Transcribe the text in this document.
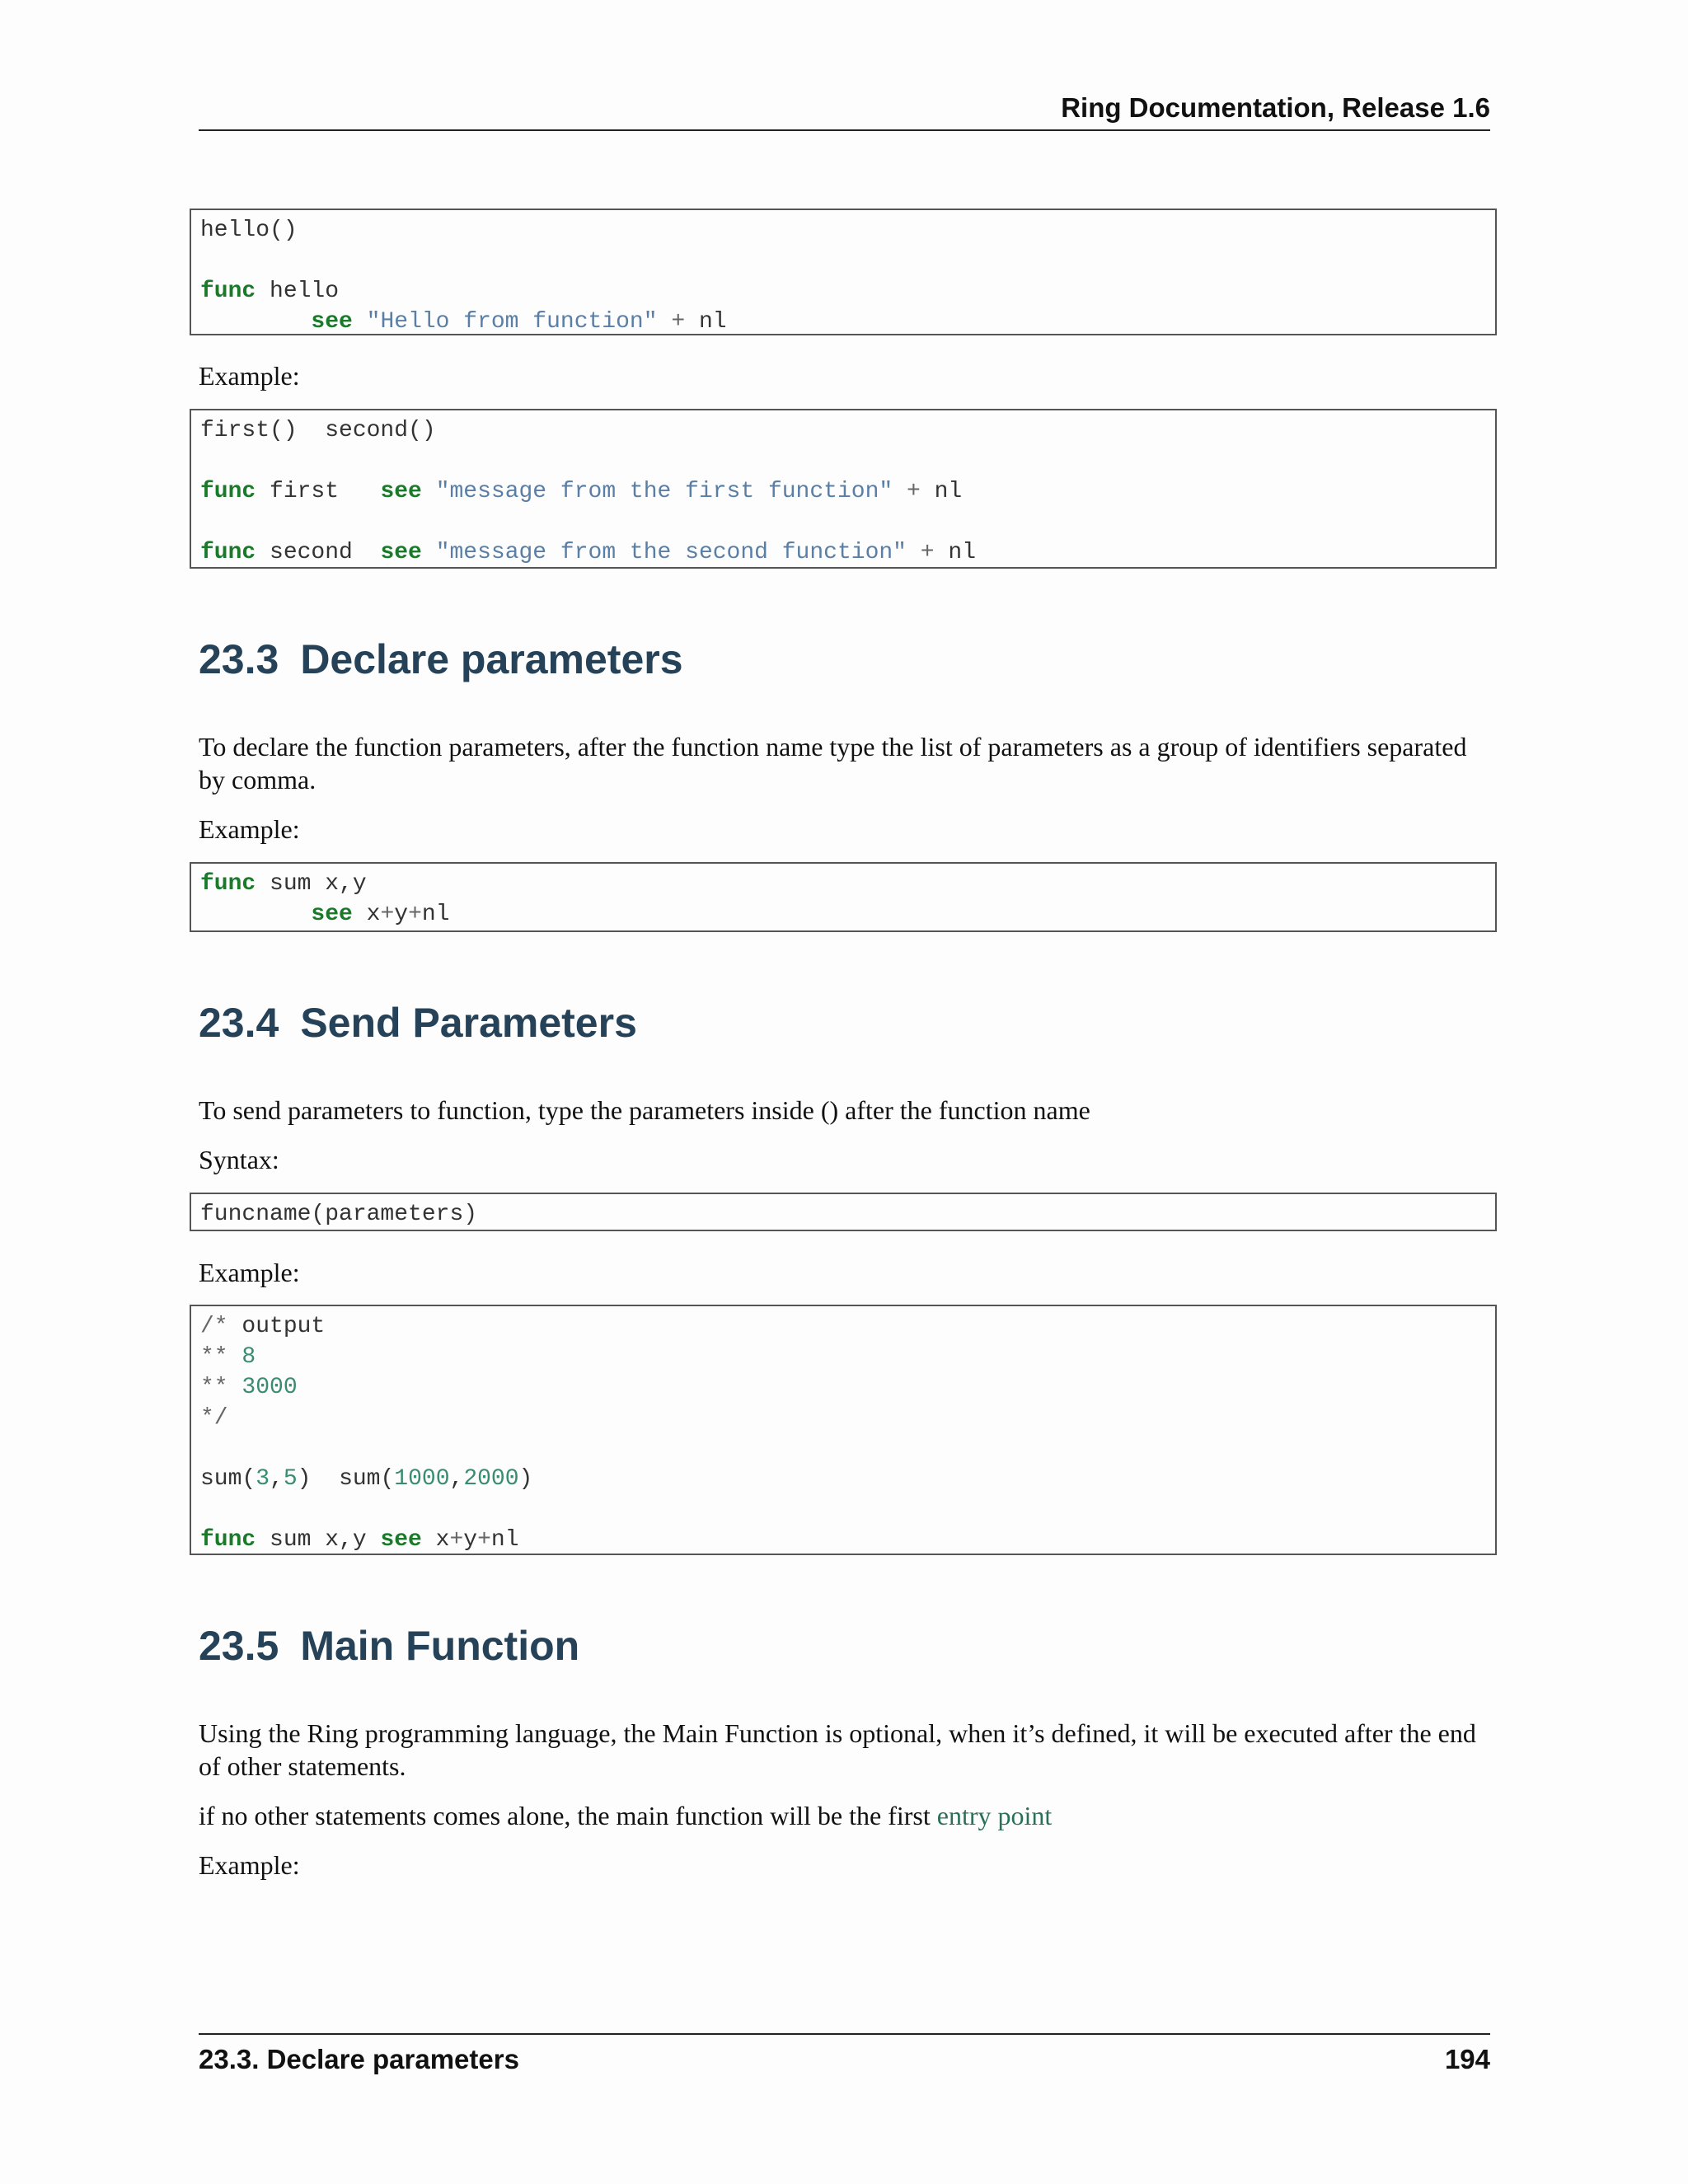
Ring Documentation, Release 1.6
hello()
func hello
see "Hello from function" + nl
Example:
first()  second()
func first   see "message from the first function" + nl
func second  see "message from the second function" + nl
23.3 Declare parameters
To declare the function parameters, after the function name type the list of parameters as a group of identifiers separated by comma.
Example:
func sum x,y
see x+y+nl
23.4 Send Parameters
To send parameters to function, type the parameters inside () after the function name
Syntax:
funcname(parameters)
Example:
/* output
** 8
** 3000
*/
sum(3,5)  sum(1000,2000)
func sum x,y see x+y+nl
23.5 Main Function
Using the Ring programming language, the Main Function is optional, when it’s defined, it will be executed after the end of other statements.
if no other statements comes alone, the main function will be the first entry point
Example:
23.3. Declare parameters	194
